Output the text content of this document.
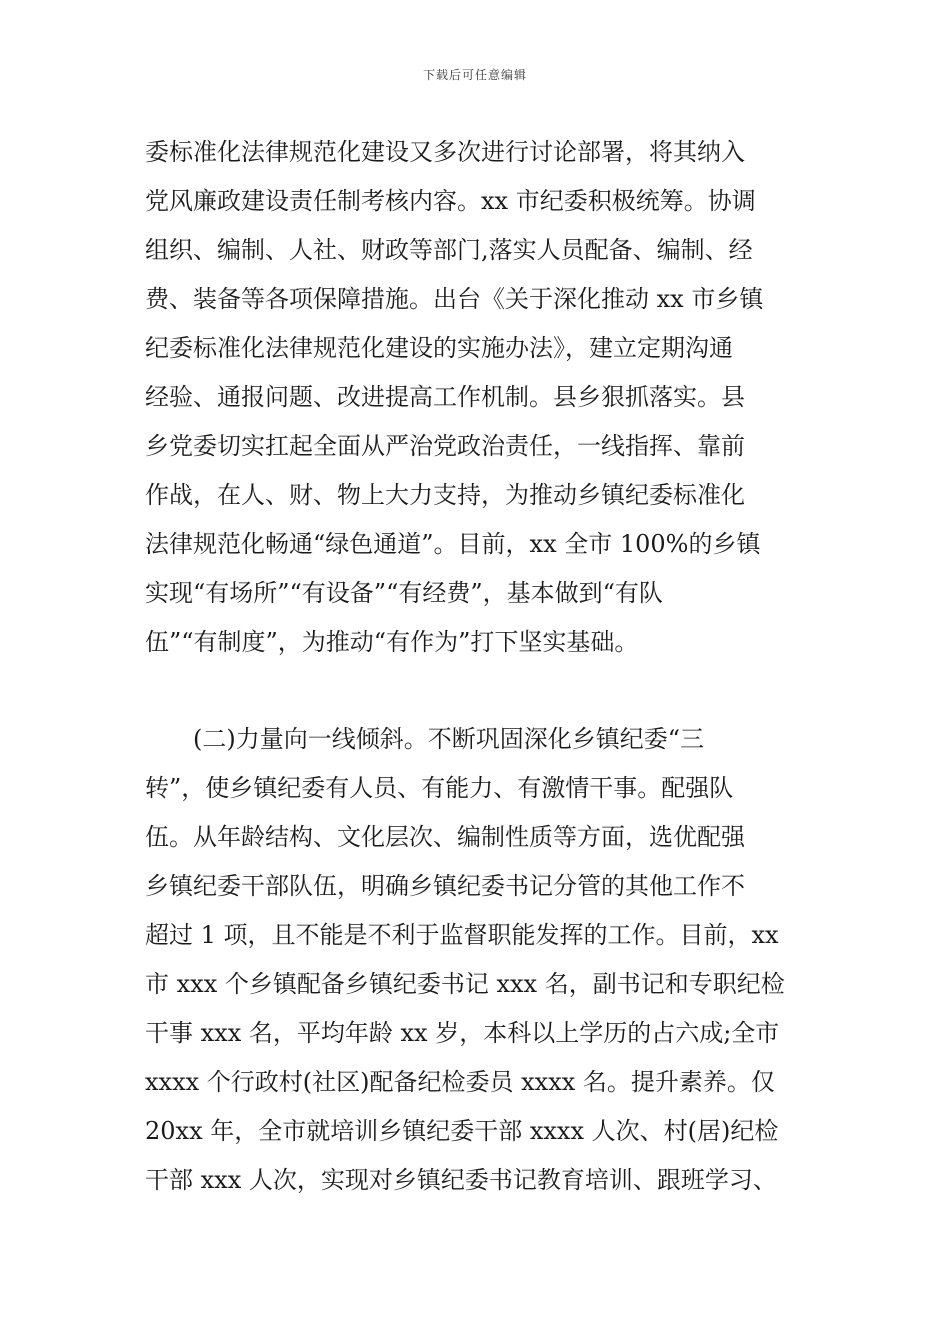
下载后可任意编辑

委标准化法律规范化建设又多次进行讨论部署，将其纳入
党风廉政建设责任制考核内容。xx 市纪委积极统筹。协调
组织、编制、人社、财政等部门,落实人员配备、编制、经
费、装备等各项保障措施。出台《关于深化推动 xx 市乡镇
纪委标准化法律规范化建设的实施办法》，建立定期沟通
经验、通报问题、改进提高工作机制。县乡狠抓落实。县
乡党委切实扛起全面从严治党政治责任，一线指挥、靠前
作战，在人、财、物上大力支持，为推动乡镇纪委标准化
法律规范化畅通“绿色通道”。目前，xx 全市 100%的乡镇
实现“有场所”“有设备”“有经费”，基本做到“有队
伍”“有制度”，为推动“有作为”打下坚实基础。

(二)力量向一线倾斜。不断巩固深化乡镇纪委“三
转”，使乡镇纪委有人员、有能力、有激情干事。配强队
伍。从年龄结构、文化层次、编制性质等方面，选优配强
乡镇纪委干部队伍，明确乡镇纪委书记分管的其他工作不
超过 1 项，且不能是不利于监督职能发挥的工作。目前，xx
市 xxx 个乡镇配备乡镇纪委书记 xxx 名，副书记和专职纪检
干事 xxx 名，平均年龄 xx 岁，本科以上学历的占六成;全市
xxxx 个行政村(社区)配备纪检委员 xxxx 名。提升素养。仅
20xx 年，全市就培训乡镇纪委干部 xxxx 人次、村(居)纪检
干部 xxx 人次，实现对乡镇纪委书记教育培训、跟班学习、
